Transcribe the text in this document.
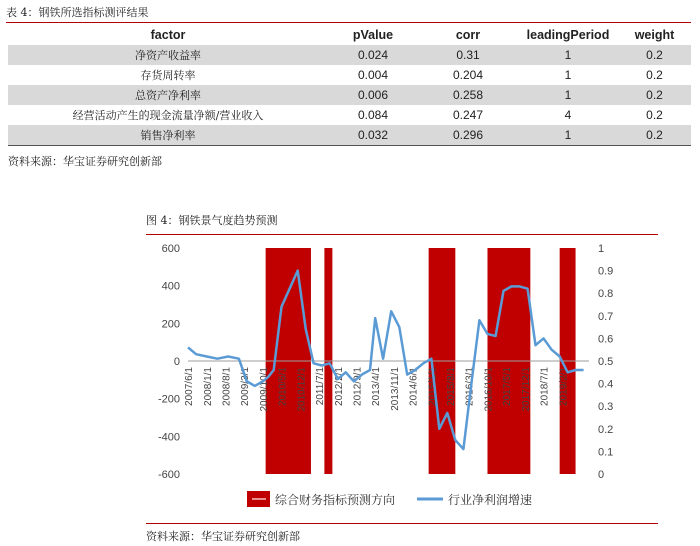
表 4：钢铁所选指标测评结果
factor	pValue	corr	leadingPeriod	weight
净资产收益率	0.024	0.31	1	0.2
存货周转率	0.004	0.204	1	0.2
总资产净利率	0.006	0.258	1	0.2
经营活动产生的现金流量净额/营业收入	0.084	0.247	4	0.2
销售净利率	0.032	0.296	1	0.2
资料来源：华宝证券研究创新部
图 4：钢铁景气度趋势预测
600
400
200
0
-200
-400
-600
1
0.9
0.8
0.7
0.6
0.5
0.4
0.3
0.2
0.1
0
2007/6/1 2008/1/1 2008/8/1 2009/3/1 2009/10/1 2010/5/1 2010/12/1 2011/7/1 2012/2/1 2012/9/1 2013/4/1 2013/11/1 2014/6/1 2015/1/1 2015/8/1 2016/3/1 2016/10/1 2017/5/1 2017/12/1 2018/7/1 2019/2/1
综合财务指标预测方向	行业净利润增速
资料来源：华宝证券研究创新部
